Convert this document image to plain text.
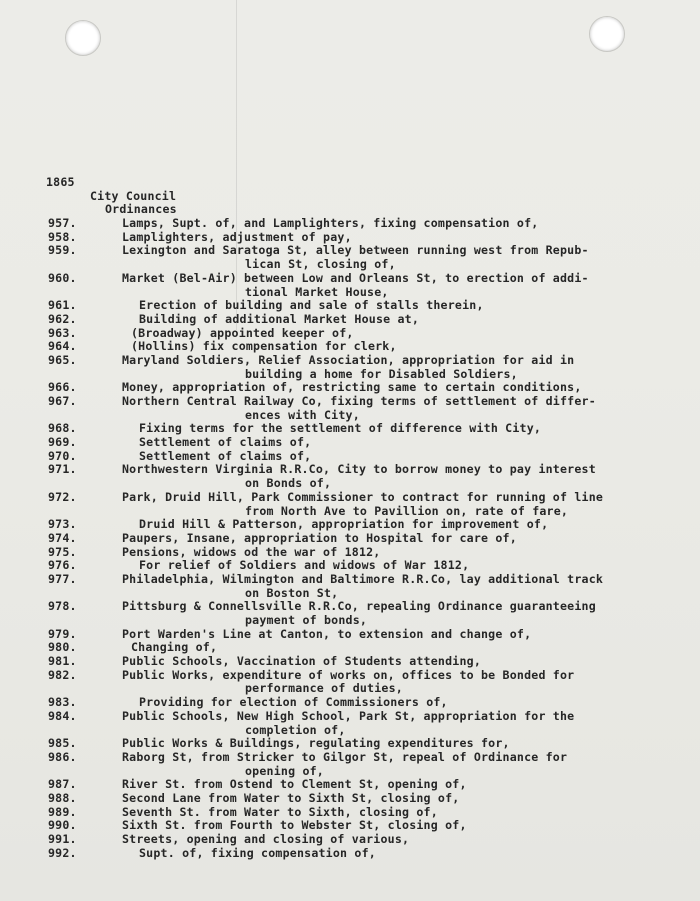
1865
City Council
Ordinances
957.	Lamps, Supt. of, and Lamplighters, fixing compensation of,
958.	Lamplighters, adjustment of pay,
959.	Lexington and Saratoga St, alley between running west from Repub-
lican St, closing of,
960.	Market (Bel-Air) between Low and Orleans St, to erection of addi-
tional Market House,
961.	Erection of building and sale of stalls therein,
962.	Building of additional Market House at,
963.	(Broadway) appointed keeper of,
964.	(Hollins) fix compensation for clerk,
965.	Maryland Soldiers, Relief Association, appropriation for aid in
building a home for Disabled Soldiers,
966.	Money, appropriation of, restricting same to certain conditions,
967.	Northern Central Railway Co, fixing terms of settlement of differ-
ences with City,
968.	Fixing terms for the settlement of difference with City,
969.	Settlement of claims of,
970.	Settlement of claims of,
971.	Northwestern Virginia R.R.Co, City to borrow money to pay interest
on Bonds of,
972.	Park, Druid Hill, Park Commissioner to contract for running of line
from North Ave to Pavillion on, rate of fare,
973.	Druid Hill & Patterson, appropriation for improvement of,
974.	Paupers, Insane, appropriation to Hospital for care of,
975.	Pensions, widows od the war of 1812,
976.	For relief of Soldiers and widows of War 1812,
977.	Philadelphia, Wilmington and Baltimore R.R.Co, lay additional track
on Boston St,
978.	Pittsburg & Connellsville R.R.Co, repealing Ordinance guaranteeing
payment of bonds,
979.	Port Warden's Line at Canton, to extension and change of,
980.	Changing of,
981.	Public Schools, Vaccination of Students attending,
982.	Public Works, expenditure of works on, offices to be Bonded for
performance of duties,
983.	Providing for election of Commissioners of,
984.	Public Schools, New High School, Park St, appropriation for the
completion of,
985.	Public Works & Buildings, regulating expenditures for,
986.	Raborg St, from Stricker to Gilgor St, repeal of Ordinance for
opening of,
987.	River St. from Ostend to Clement St, opening of,
988.	Second Lane from Water to Sixth St, closing of,
989.	Seventh St. from Water to Sixth, closing of,
990.	Sixth St. from Fourth to Webster St, closing of,
991.	Streets, opening and closing of various,
992.	Supt. of, fixing compensation of,
